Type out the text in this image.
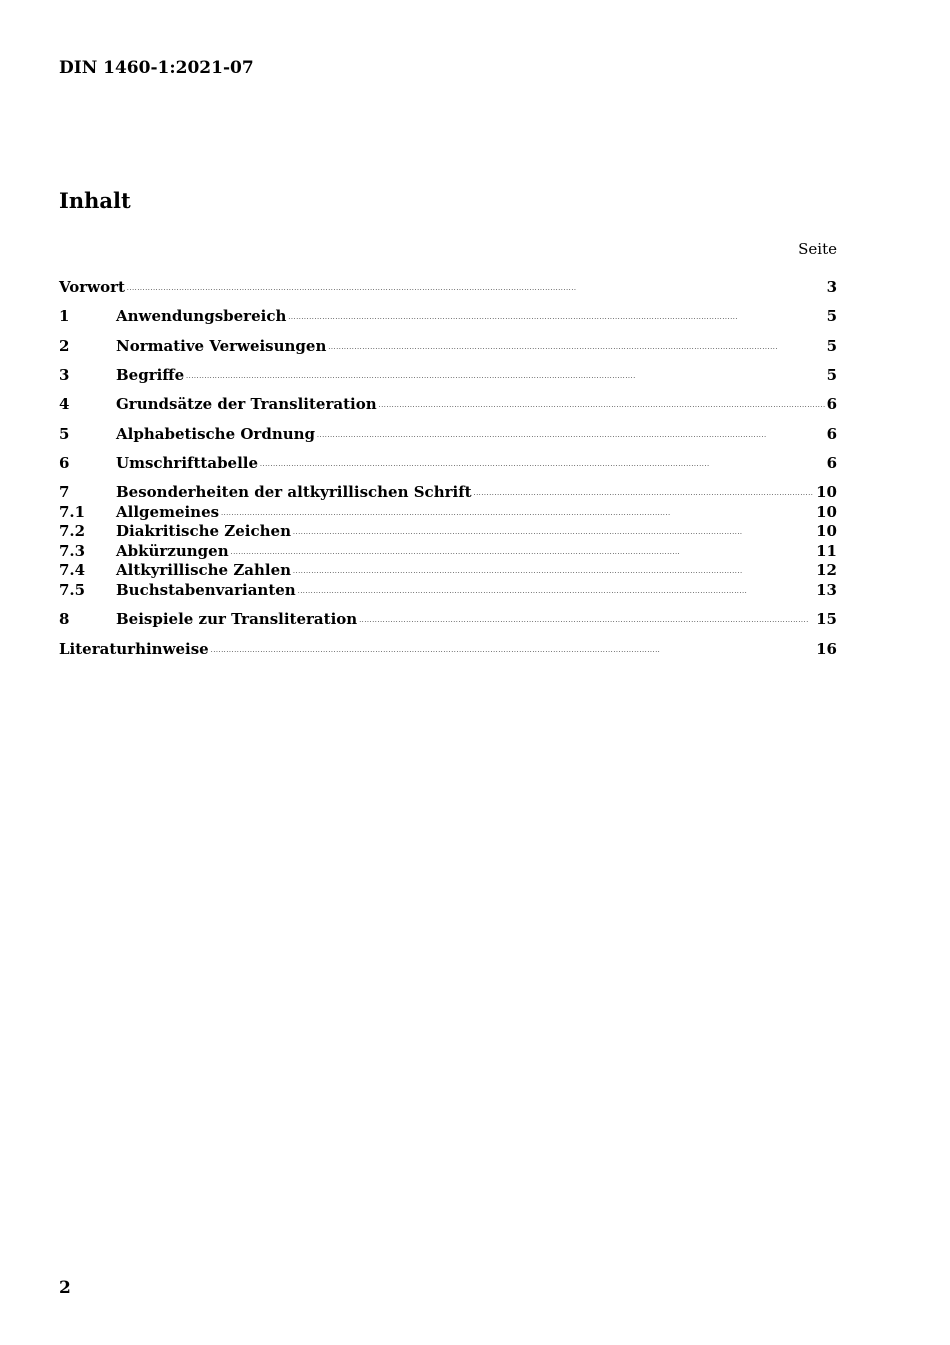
DIN 1460-1:2021-07
Inhalt
Seite
Vorwort . . .	3
1	Anwendungsbereich . . .	5
2	Normative Verweisungen . . .	5
3	Begriffe . . .	5
4	Grundsätze der Transliteration . . .	6
5	Alphabetische Ordnung . . .	6
6	Umschrifttabelle . . .	6
7	Besonderheiten der altkyrillischen Schrift . . .	10
7.1	Allgemeines . . .	10
7.2	Diakritische Zeichen . . .	10
7.3	Abkürzungen . . .	11
7.4	Altkyrillische Zahlen . . .	12
7.5	Buchstabenvarianten . . .	13
8	Beispiele zur Transliteration . . .	15
Literaturhinweise . . .	16
2
